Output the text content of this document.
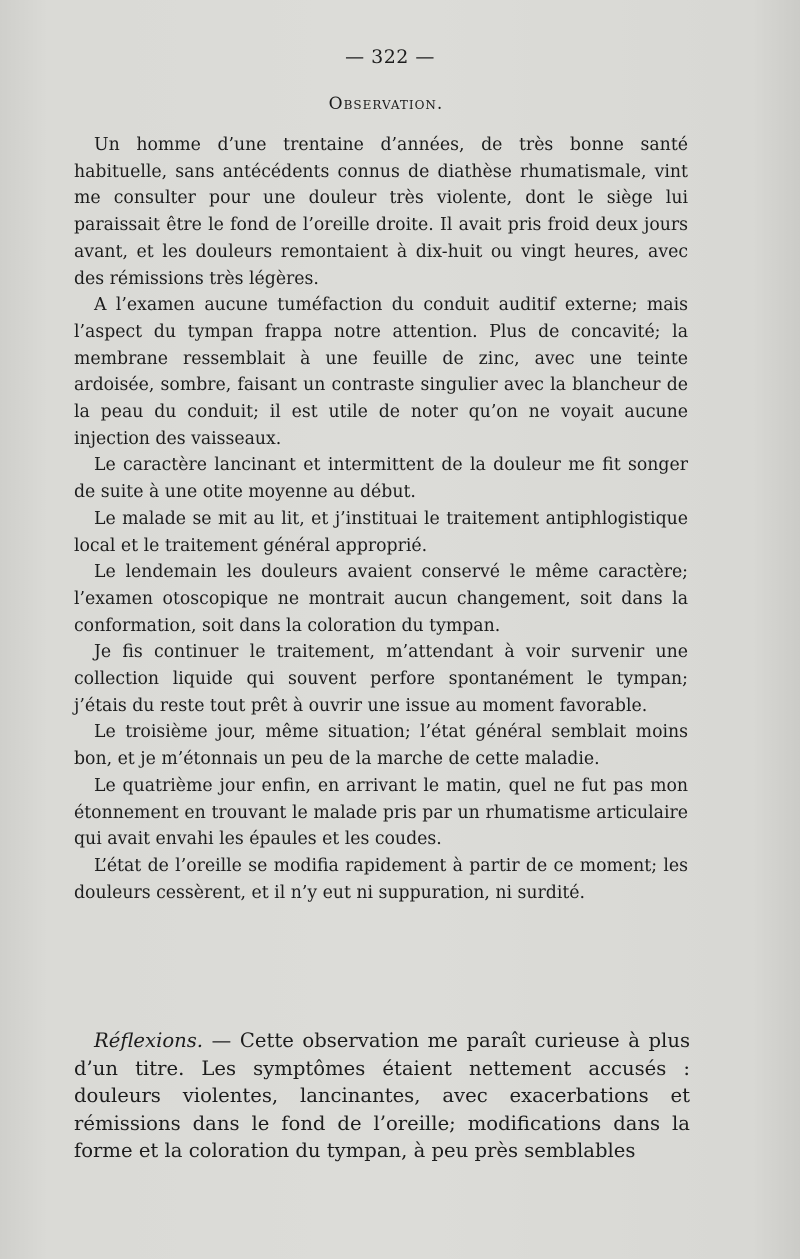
— 322 —
Observation.

Un homme d’une trentaine d’années, de très bonne santé habituelle, sans antécédents connus de diathèse rhumatismale, vint me consulter pour une douleur très violente, dont le siège lui paraissait être le fond de l’oreille droite. Il avait pris froid deux jours avant, et les douleurs remontaient à dix-huit ou vingt heures, avec des rémissions très légères.

A l’examen aucune tuméfaction du conduit auditif externe; mais l’aspect du tympan frappa notre attention. Plus de concavité; la membrane ressemblait à une feuille de zinc, avec une teinte ardoisée, sombre, faisant un contraste singulier avec la blancheur de la peau du conduit; il est utile de noter qu’on ne voyait aucune injection des vaisseaux.

Le caractère lancinant et intermittent de la douleur me fit songer de suite à une otite moyenne au début.

Le malade se mit au lit, et j’instituai le traitement antiphlogistique local et le traitement général approprié.

Le lendemain les douleurs avaient conservé le même caractère; l’examen otoscopique ne montrait aucun changement, soit dans la conformation, soit dans la coloration du tympan.

Je fis continuer le traitement, m’attendant à voir survenir une collection liquide qui souvent perfore spontanément le tympan; j’étais du reste tout prêt à ouvrir une issue au moment favorable.

Le troisième jour, même situation; l’état général semblait moins bon, et je m’étonnais un peu de la marche de cette maladie.

Le quatrième jour enfin, en arrivant le matin, quel ne fut pas mon étonnement en trouvant le malade pris par un rhumatisme articulaire qui avait envahi les épaules et les coudes.

L’état de l’oreille se modifia rapidement à partir de ce moment; les douleurs cessèrent, et il n’y eut ni suppuration, ni surdité.

Réflexions. — Cette observation me paraît curieuse à plus d’un titre. Les symptômes étaient nettement accusés : douleurs violentes, lancinantes, avec exacerbations et rémissions dans le fond de l’oreille; modifications dans la forme et la coloration du tympan, à peu près semblables
